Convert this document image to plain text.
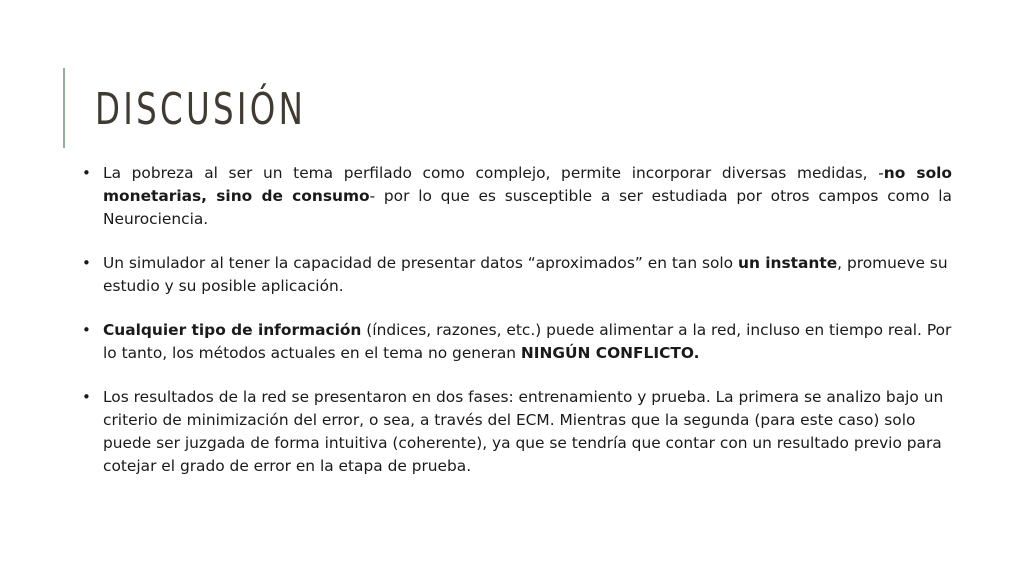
DISCUSIÓN
• La pobreza al ser un tema perfilado como complejo, permite incorporar diversas medidas, -no solo monetarias, sino de consumo- por lo que es susceptible a ser estudiada por otros campos como la Neurociencia.
• Un simulador al tener la capacidad de presentar datos “aproximados” en tan solo un instante, promueve su estudio y su posible aplicación.
• Cualquier tipo de información (índices, razones, etc.) puede alimentar a la red, incluso en tiempo real. Por lo tanto, los métodos actuales en el tema no generan NINGÚN CONFLICTO.
• Los resultados de la red se presentaron en dos fases: entrenamiento y prueba. La primera se analizo bajo un criterio de minimización del error, o sea, a través del ECM. Mientras que la segunda (para este caso) solo puede ser juzgada de forma intuitiva (coherente), ya que se tendría que contar con un resultado previo para cotejar el grado de error en la etapa de prueba.
